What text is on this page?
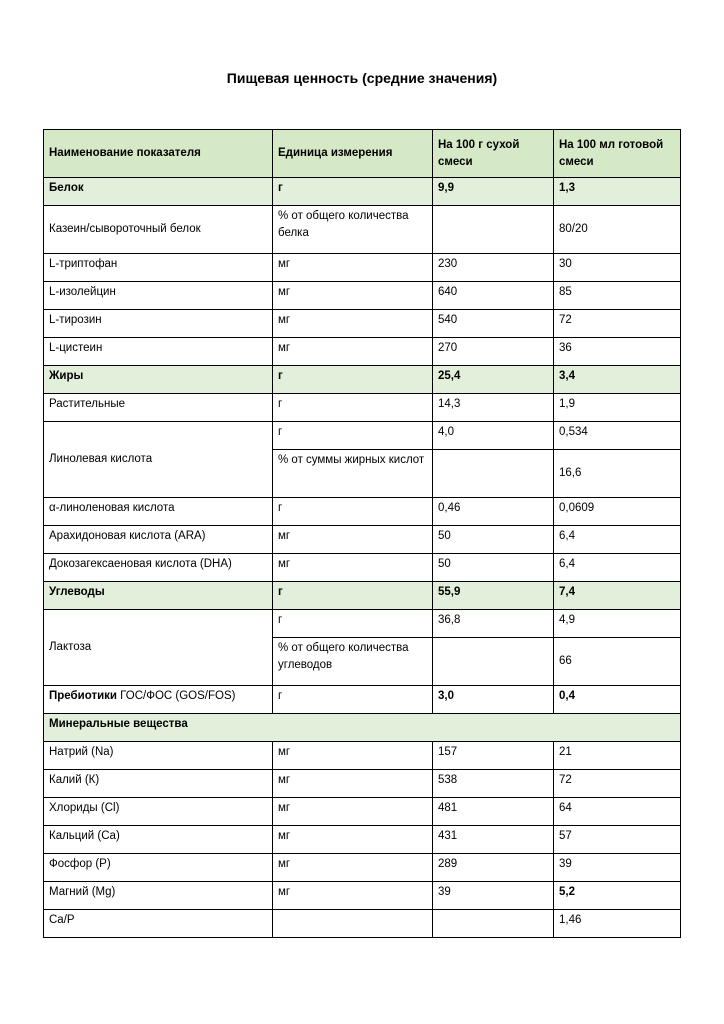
Пищевая ценность (средние значения)
Наименование показателя	Единица измерения	На 100 г сухой смеси	На 100 мл готовой смеси
Белок	г	9,9	1,3
Казеин/сывороточный белок	% от общего количества белка		80/20
L-триптофан	мг	230	30
L-изолейцин	мг	640	85
L-тирозин	мг	540	72
L-цистеин	мг	270	36
Жиры	г	25,4	3,4
Растительные	г	14,3	1,9
Линолевая кислота	г	4,0	0,534
	% от суммы жирных кислот		16,6
α-линоленовая кислота	г	0,46	0,0609
Арахидоновая кислота (ARA)	мг	50	6,4
Докозагексаеновая кислота (DHA)	мг	50	6,4
Углеводы	г	55,9	7,4
Лактоза	г	36,8	4,9
	% от общего количества углеводов		66
Пребиотики ГОС/ФОС (GOS/FOS)	г	3,0	0,4
Минеральные вещества			
Натрий (Na)	мг	157	21
Калий (К)	мг	538	72
Хлориды (Cl)	мг	481	64
Кальций (Ca)	мг	431	57
Фосфор (P)	мг	289	39
Магний (Mg)	мг	39	5,2
Ca/P			1,46
